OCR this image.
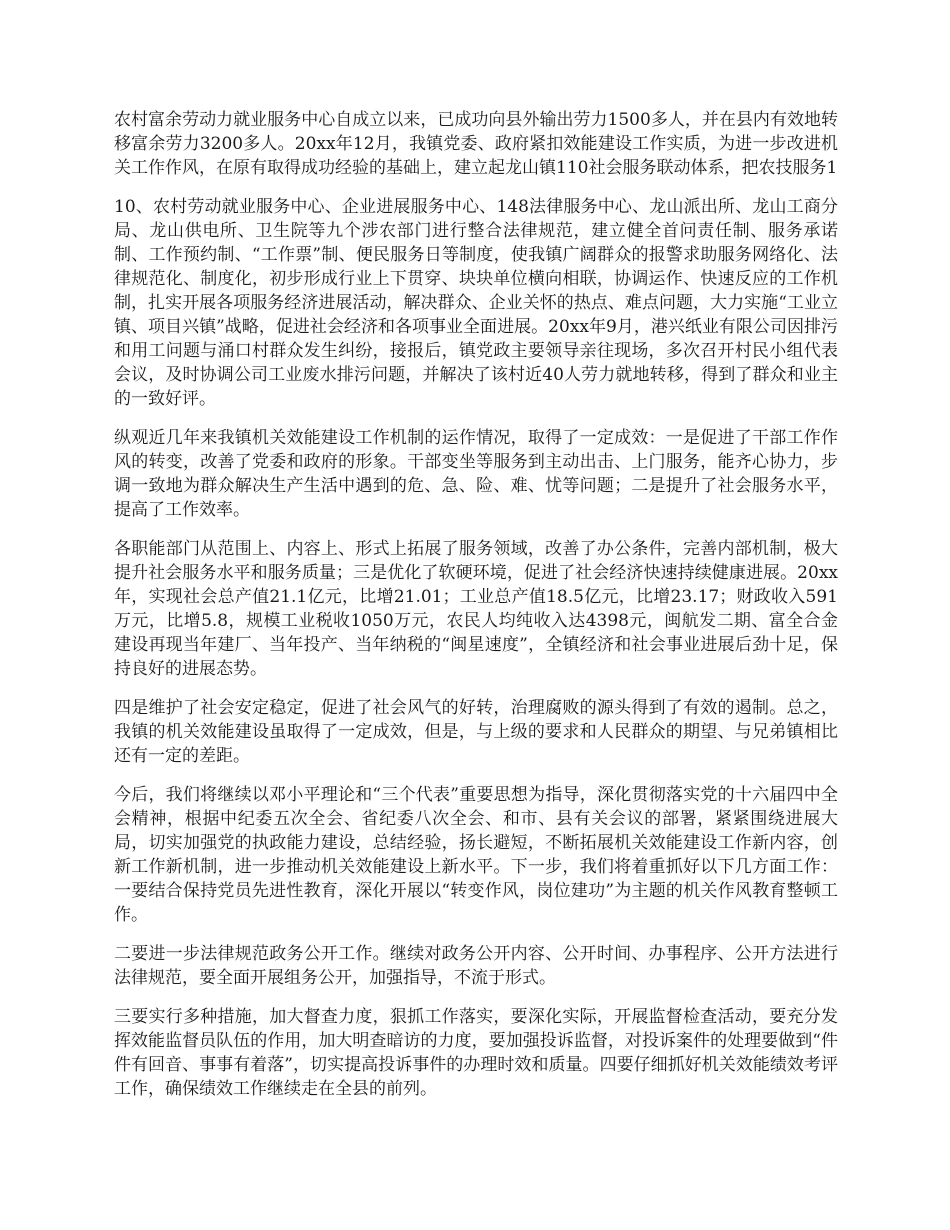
农村富余劳动力就业服务中心自成立以来，已成功向县外输出劳力1500多人，并在县内有效地转移富余劳力3200多人。20xx年12月，我镇党委、政府紧扣效能建设工作实质，为进一步改进机关工作作风，在原有取得成功经验的基础上，建立起龙山镇110社会服务联动体系，把农技服务1

10、农村劳动就业服务中心、企业进展服务中心、148法律服务中心、龙山派出所、龙山工商分局、龙山供电所、卫生院等九个涉农部门进行整合法律规范，建立健全首问责任制、服务承诺制、工作预约制、“工作票”制、便民服务日等制度，使我镇广阔群众的报警求助服务网络化、法律规范化、制度化，初步形成行业上下贯穿、块块单位横向相联，协调运作、快速反应的工作机制，扎实开展各项服务经济进展活动，解决群众、企业关怀的热点、难点问题，大力实施“工业立镇、项目兴镇”战略，促进社会经济和各项事业全面进展。20xx年9月，港兴纸业有限公司因排污和用工问题与涌口村群众发生纠纷，接报后，镇党政主要领导亲往现场，多次召开村民小组代表会议，及时协调公司工业废水排污问题，并解决了该村近40人劳力就地转移，得到了群众和业主的一致好评。

纵观近几年来我镇机关效能建设工作机制的运作情况，取得了一定成效：一是促进了干部工作作风的转变，改善了党委和政府的形象。干部变坐等服务到主动出击、上门服务，能齐心协力，步调一致地为群众解决生产生活中遇到的危、急、险、难、忧等问题；二是提升了社会服务水平，提高了工作效率。

各职能部门从范围上、内容上、形式上拓展了服务领域，改善了办公条件，完善内部机制，极大提升社会服务水平和服务质量；三是优化了软硬环境，促进了社会经济快速持续健康进展。20xx年，实现社会总产值21.1亿元，比增21.01；工业总产值18.5亿元，比增23.17；财政收入591万元，比增5.8，规模工业税收1050万元，农民人均纯收入达4398元，闽航发二期、富全合金建设再现当年建厂、当年投产、当年纳税的“闽星速度”，全镇经济和社会事业进展后劲十足，保持良好的进展态势。

四是维护了社会安定稳定，促进了社会风气的好转，治理腐败的源头得到了有效的遏制。总之，我镇的机关效能建设虽取得了一定成效，但是，与上级的要求和人民群众的期望、与兄弟镇相比还有一定的差距。

今后，我们将继续以邓小平理论和“三个代表”重要思想为指导，深化贯彻落实党的十六届四中全会精神，根据中纪委五次全会、省纪委八次全会、和市、县有关会议的部署，紧紧围绕进展大局，切实加强党的执政能力建设，总结经验，扬长避短，不断拓展机关效能建设工作新内容，创新工作新机制，进一步推动机关效能建设上新水平。下一步，我们将着重抓好以下几方面工作：一要结合保持党员先进性教育，深化开展以“转变作风，岗位建功”为主题的机关作风教育整顿工作。

二要进一步法律规范政务公开工作。继续对政务公开内容、公开时间、办事程序、公开方法进行法律规范，要全面开展组务公开，加强指导，不流于形式。

三要实行多种措施，加大督查力度，狠抓工作落实，要深化实际，开展监督检查活动，要充分发挥效能监督员队伍的作用，加大明查暗访的力度，要加强投诉监督，对投诉案件的处理要做到“件件有回音、事事有着落”，切实提高投诉事件的办理时效和质量。四要仔细抓好机关效能绩效考评工作，确保绩效工作继续走在全县的前列。
